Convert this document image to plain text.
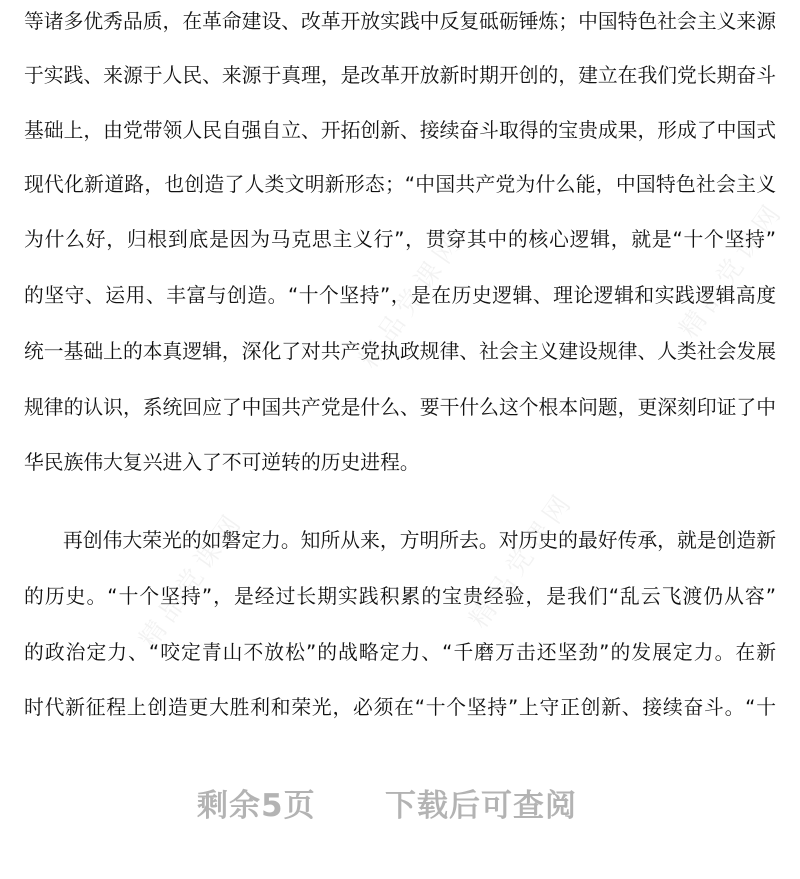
精品党课网	精品党课网
精品党课网	精品党课网
等诸多优秀品质，在革命建设、改革开放实践中反复砥砺锤炼；中国特色社会主义来源
于实践、来源于人民、来源于真理，是改革开放新时期开创的，建立在我们党长期奋斗
基础上，由党带领人民自强自立、开拓创新、接续奋斗取得的宝贵成果，形成了中国式
现代化新道路，也创造了人类文明新形态；“中国共产党为什么能，中国特色社会主义
为什么好，归根到底是因为马克思主义行”，贯穿其中的核心逻辑，就是“十个坚持”
的坚守、运用、丰富与创造。“十个坚持”，是在历史逻辑、理论逻辑和实践逻辑高度
统一基础上的本真逻辑，深化了对共产党执政规律、社会主义建设规律、人类社会发展
规律的认识，系统回应了中国共产党是什么、要干什么这个根本问题，更深刻印证了中
华民族伟大复兴进入了不可逆转的历史进程。
再创伟大荣光的如磐定力。知所从来，方明所去。对历史的最好传承，就是创造新
的历史。“十个坚持”，是经过长期实践积累的宝贵经验，是我们“乱云飞渡仍从容”
的政治定力、“咬定青山不放松”的战略定力、“千磨万击还坚劲”的发展定力。在新
时代新征程上创造更大胜利和荣光，必须在“十个坚持”上守正创新、接续奋斗。“十
剩余5页 下载后可查阅
